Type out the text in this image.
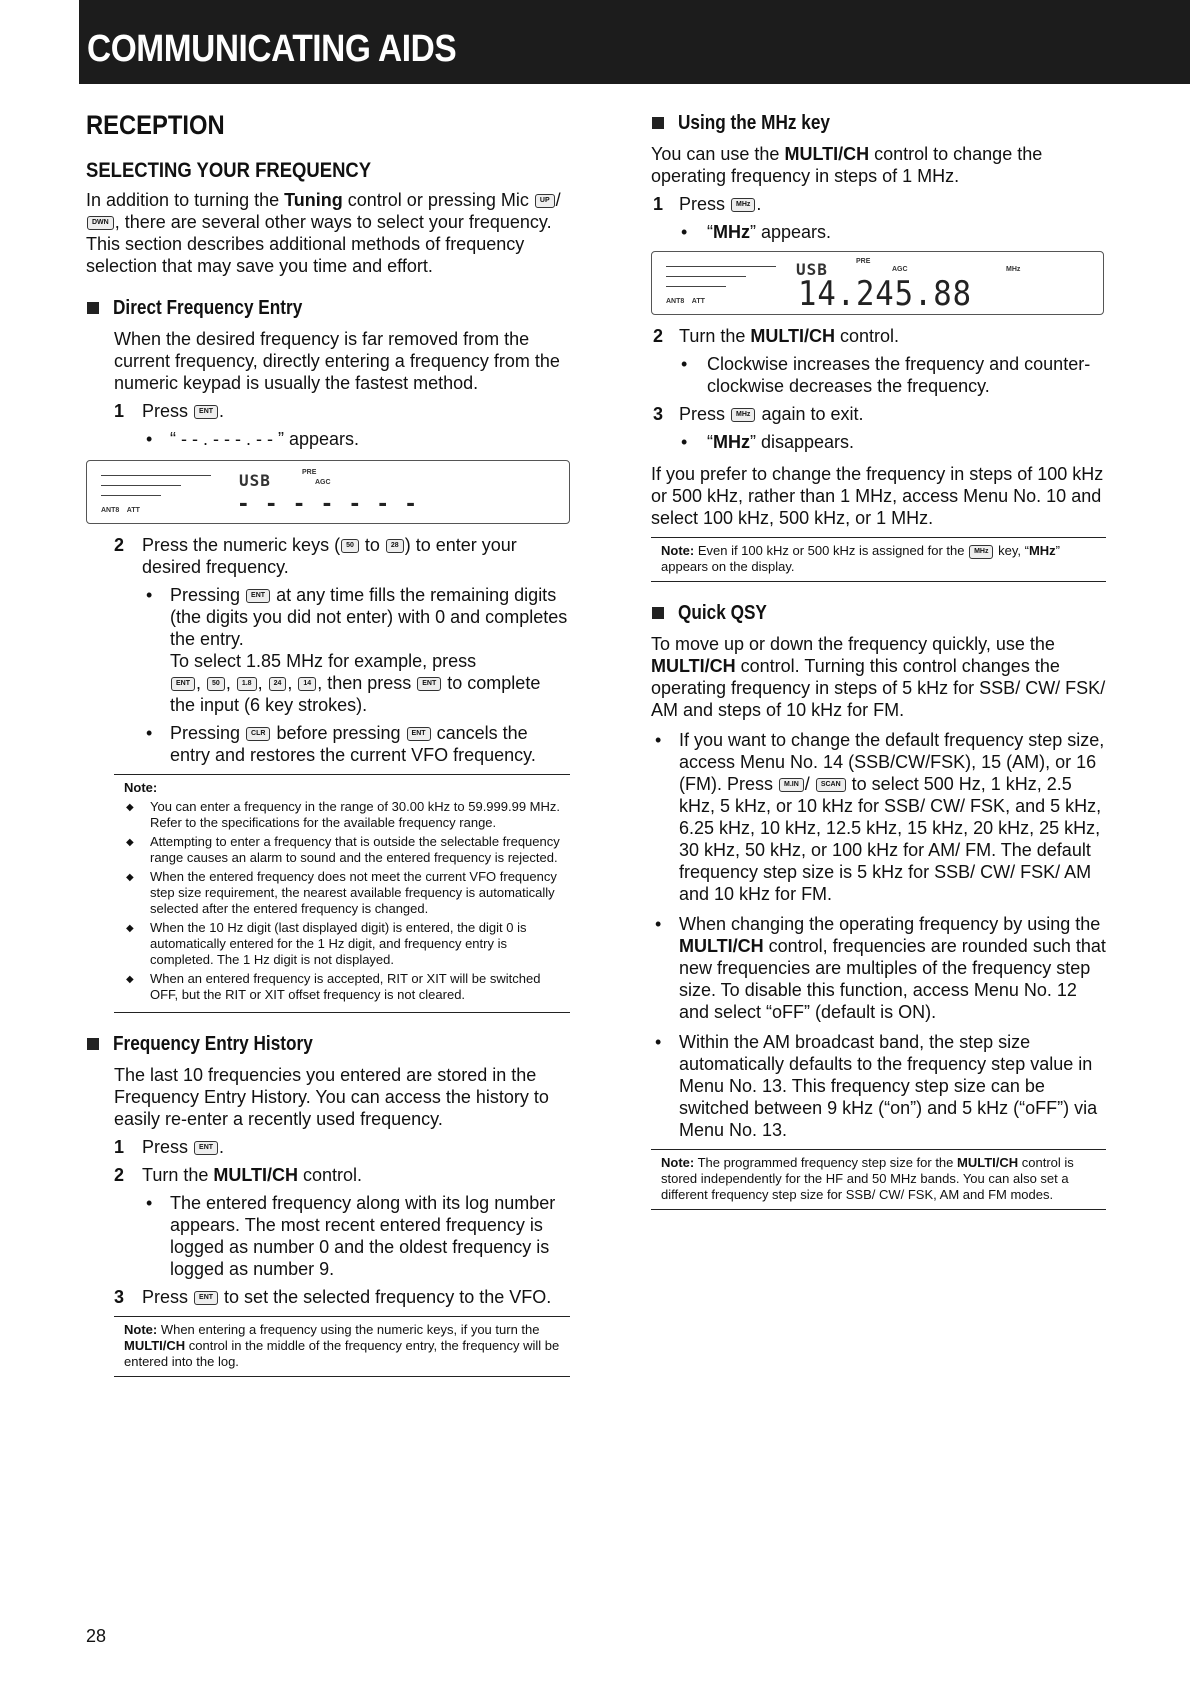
COMMUNICATING AIDS
RECEPTION
SELECTING YOUR FREQUENCY

In addition to turning the Tuning control or pressing Mic UP / DWN , there are several other ways to select your frequency. This section describes additional methods of frequency selection that may save you time and effort.

Direct Frequency Entry

When the desired frequency is far removed from the current frequency, directly entering a frequency from the numeric keypad is usually the fastest method.

1 Press ENT .
• “ - - . - - - . - - ” appears.
ANT8    ATT
USB	PRE
AGC
- - - - - - -
2 Press the numeric keys ( 50 to 28 ) to enter your desired frequency.
• Pressing ENT at any time fills the remaining digits (the digits you did not enter) with 0 and completes the entry.
To select 1.85 MHz for example, press
ENT , 50 , 1.8 , 24 , 14 , then press ENT to complete the input (6 key strokes).
• Pressing CLR before pressing ENT cancels the entry and restores the current VFO frequency.
Note:
◆ You can enter a frequency in the range of 30.00 kHz to 59.999.99 MHz. Refer to the specifications for the available frequency range.
◆ Attempting to enter a frequency that is outside the selectable frequency range causes an alarm to sound and the entered frequency is rejected.
◆ When the entered frequency does not meet the current VFO frequency step size requirement, the nearest available frequency is automatically selected after the entered frequency is changed.
◆ When the 10 Hz digit (last displayed digit) is entered, the digit 0 is automatically entered for the 1 Hz digit, and frequency entry is completed. The 1 Hz digit is not displayed.
◆ When an entered frequency is accepted, RIT or XIT will be switched OFF, but the RIT or XIT offset frequency is not cleared.
Frequency Entry History

The last 10 frequencies you entered are stored in the Frequency Entry History. You can access the history to easily re-enter a recently used frequency.

1 Press ENT .
2 Turn the MULTI/CH control.
• The entered frequency along with its log number appears. The most recent entered frequency is logged as number 0 and the oldest frequency is logged as number 9.
3 Press ENT to set the selected frequency to the VFO.
Note: When entering a frequency using the numeric keys, if you turn the MULTI/CH control in the middle of the frequency entry, the frequency will be entered into the log.
Using the MHz key

You can use the MULTI/CH control to change the operating frequency in steps of 1 MHz.

1 Press MHz .
• “MHz” appears.
ANT8    ATT
USB	PRE
AGC	MHz
14.245.88
2 Turn the MULTI/CH control.
• Clockwise increases the frequency and counter-clockwise decreases the frequency.
3 Press MHz again to exit.
• “MHz” disappears.

If you prefer to change the frequency in steps of 100 kHz or 500 kHz, rather than 1 MHz, access Menu No. 10 and select 100 kHz, 500 kHz, or 1 MHz.

Note: Even if 100 kHz or 500 kHz is assigned for the MHz key, “MHz” appears on the display.
Quick QSY

To move up or down the frequency quickly, use the MULTI/CH control. Turning this control changes the operating frequency in steps of 5 kHz for SSB/ CW/ FSK/ AM and steps of 10 kHz for FM.

• If you want to change the default frequency step size, access Menu No. 14 (SSB/CW/FSK), 15 (AM), or 16 (FM). Press M.IN / SCAN to select 500 Hz, 1 kHz, 2.5 kHz, 5 kHz, or 10 kHz for SSB/ CW/ FSK, and 5 kHz, 6.25 kHz, 10 kHz, 12.5 kHz, 15 kHz, 20 kHz, 25 kHz, 30 kHz, 50 kHz, or 100 kHz for AM/ FM. The default frequency step size is 5 kHz for SSB/ CW/ FSK/ AM and 10 kHz for FM.
• When changing the operating frequency by using the MULTI/CH control, frequencies are rounded such that new frequencies are multiples of the frequency step size. To disable this function, access Menu No. 12 and select “oFF” (default is ON).
• Within the AM broadcast band, the step size automatically defaults to the frequency step value in Menu No. 13. This frequency step size can be switched between 9 kHz (“on”) and 5 kHz (“oFF”) via Menu No. 13.
Note: The programmed frequency step size for the MULTI/CH control is stored independently for the HF and 50 MHz bands. You can also set a different frequency step size for SSB/ CW/ FSK, AM and FM modes.
28
